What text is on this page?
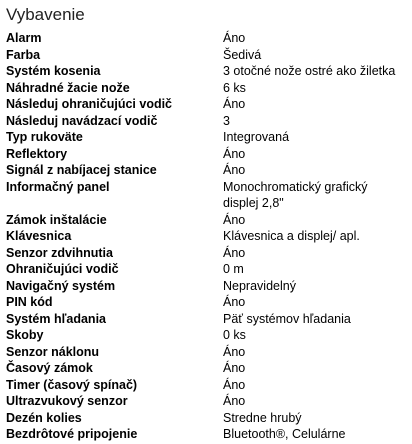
Vybavenie
Alarm	Áno
Farba	Šedivá
Systém kosenia	3 otočné nože ostré ako žiletka
Náhradné žacie nože	6 ks
Následuj ohraničujúci vodič	Áno
Následuj navádzací vodič	3
Typ rukoväte	Integrovaná
Reflektory	Áno
Signál z nabíjacej stanice	Áno
Informačný panel	Monochromatický grafický
displej 2,8"
Zámok inštalácie	Áno
Klávesnica	Klávesnica a displej/ apl.
Senzor zdvihnutia	Áno
Ohraničujúci vodič	0 m
Navigačný systém	Nepravidelný
PIN kód	Áno
Systém hľadania	Päť systémov hľadania
Skoby	0 ks
Senzor náklonu	Áno
Časový zámok	Áno
Timer (časový spínač)	Áno
Ultrazvukový senzor	Áno
Dezén kolies	Stredne hrubý
Bezdrôtové pripojenie	Bluetooth®, Celulárne
